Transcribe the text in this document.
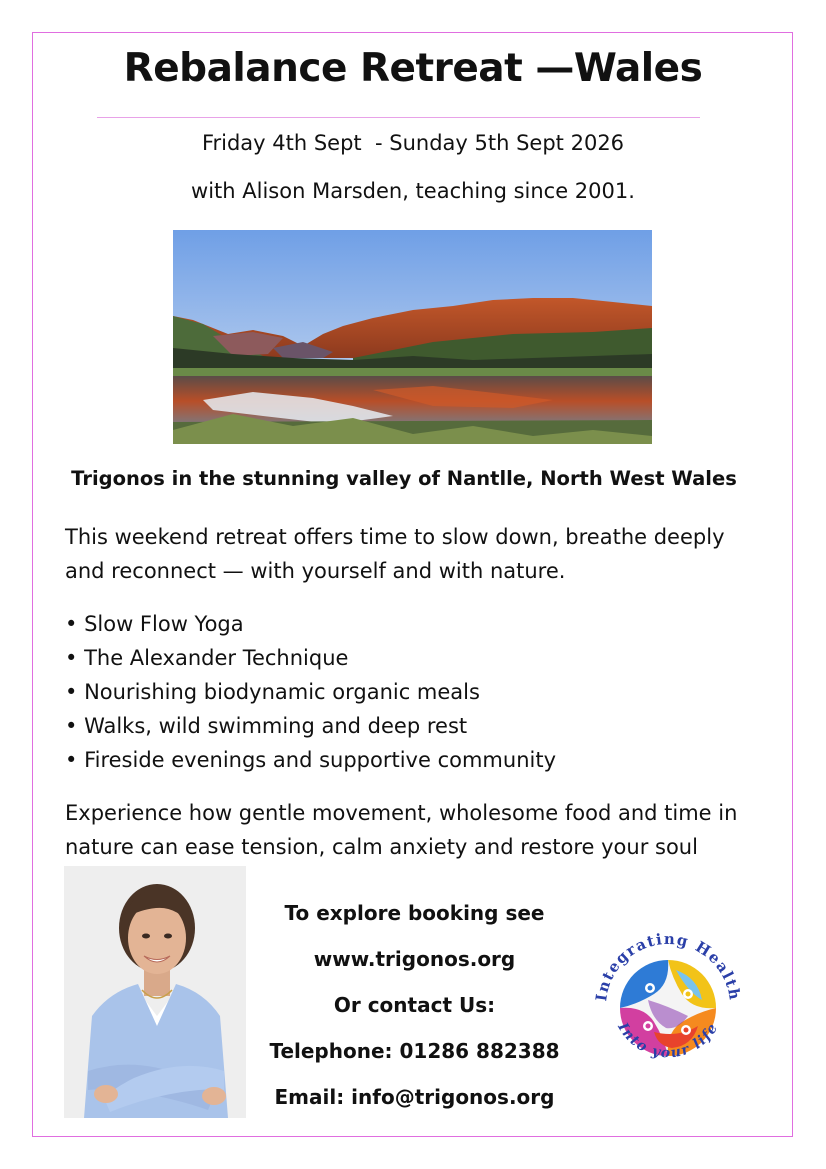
Rebalance Retreat —Wales
Friday 4th Sept  - Sunday 5th Sept 2026
with Alison Marsden, teaching since 2001.
Trigonos in the stunning valley of Nantlle, North West Wales

This weekend retreat offers time to slow down, breathe deeply and reconnect — with yourself and with nature.

• Slow Flow Yoga
• The Alexander Technique
• Nourishing biodynamic organic meals
• Walks, wild swimming and deep rest
• Fireside evenings and supportive community

Experience how gentle movement, wholesome food and time in nature can ease tension, calm anxiety and restore your soul

To explore booking see
www.trigonos.org
Or contact Us:
Telephone: 01286 882388
Email: info@trigonos.org
Integrating Health
Into your life
